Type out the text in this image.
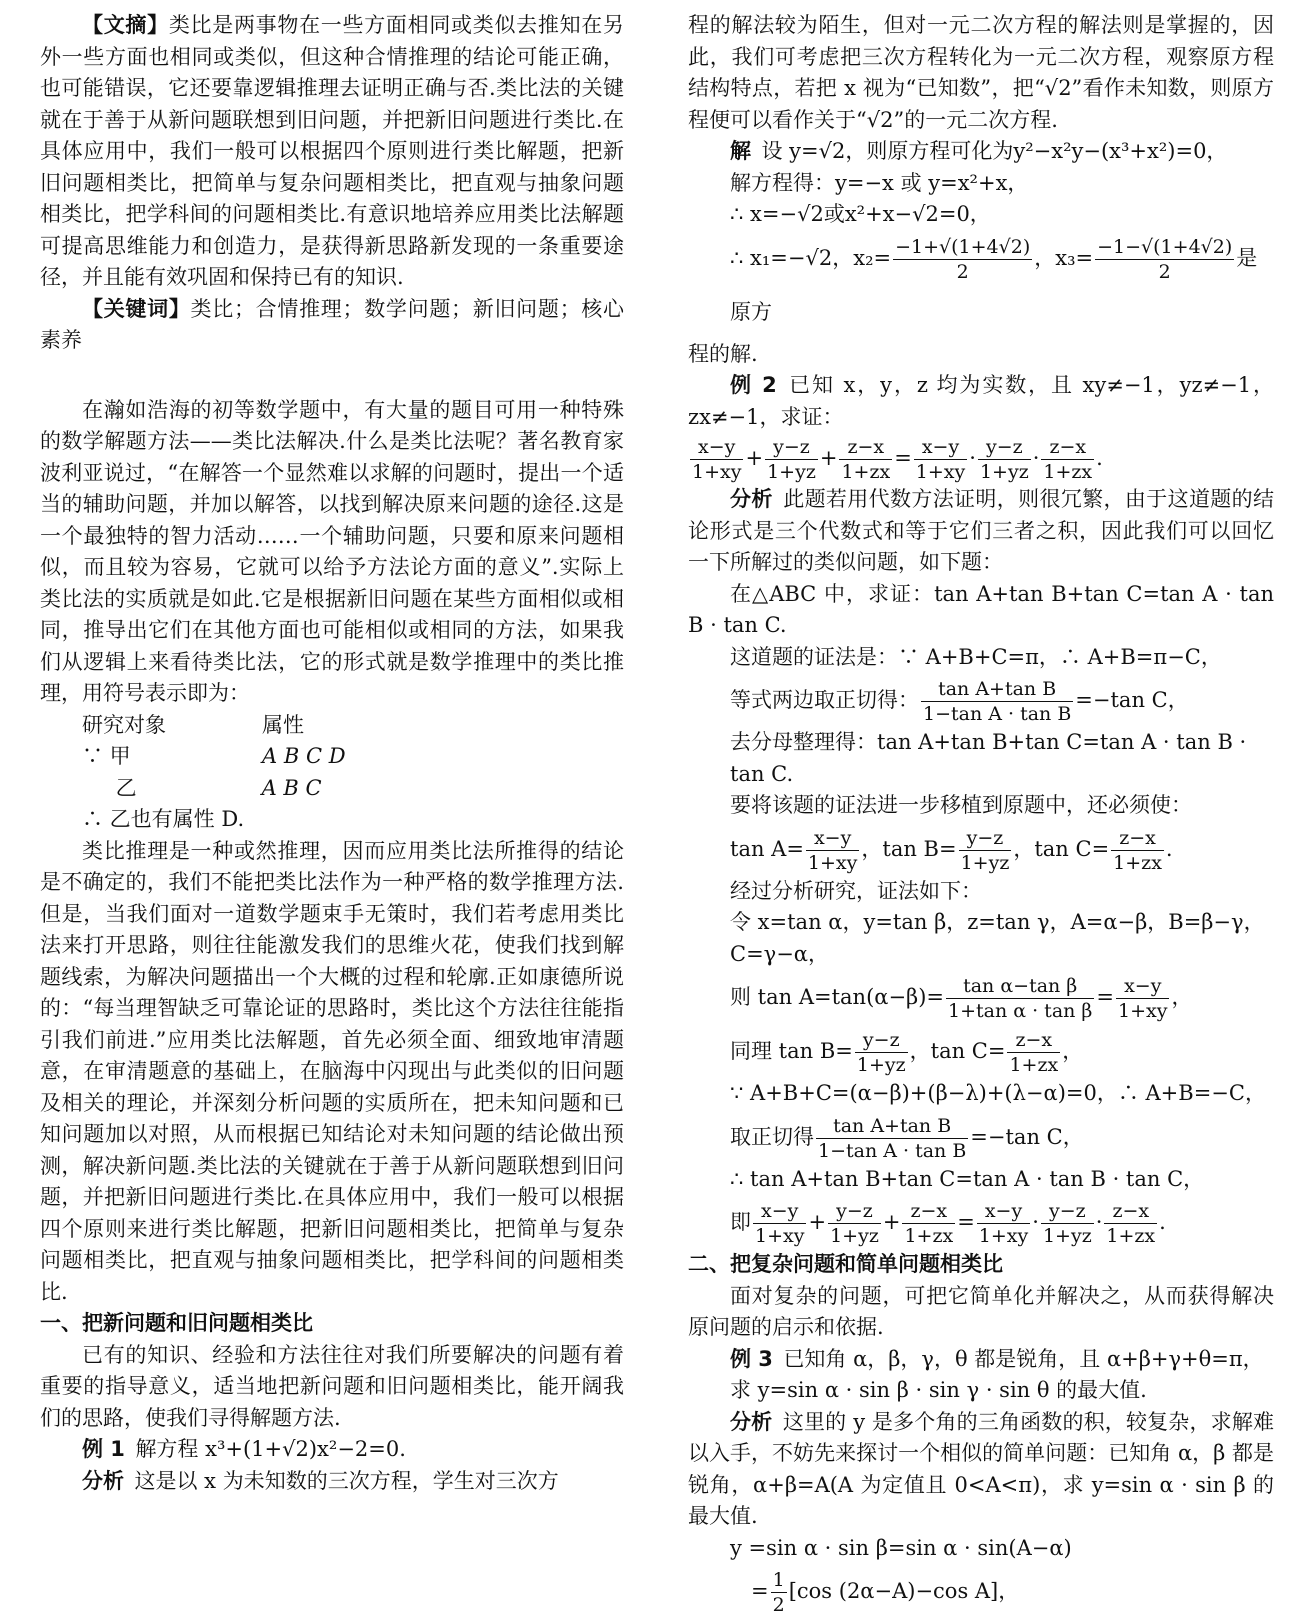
【文摘】类比是两事物在一些方面相同或类似去推知在另外一些方面也相同或类似，但这种合情推理的结论可能正确，也可能错误，它还要靠逻辑推理去证明正确与否.类比法的关键就在于善于从新问题联想到旧问题，并把新旧问题进行类比.在具体应用中，我们一般可以根据四个原则进行类比解题，把新旧问题相类比，把简单与复杂问题相类比，把直观与抽象问题相类比，把学科间的问题相类比.有意识地培养应用类比法解题可提高思维能力和创造力，是获得新思路新发现的一条重要途径，并且能有效巩固和保持已有的知识.

【关键词】类比；合情推理；数学问题；新旧问题；核心素养

在瀚如浩海的初等数学题中，有大量的题目可用一种特殊的数学解题方法——类比法解决.什么是类比法呢？著名教育家波利亚说过，“在解答一个显然难以求解的问题时，提出一个适当的辅助问题，并加以解答，以找到解决原来问题的途径.这是一个最独特的智力活动……一个辅助问题，只要和原来问题相似，而且较为容易，它就可以给予方法论方面的意义”.实际上类比法的实质就是如此.它是根据新旧问题在某些方面相似或相同，推导出它们在其他方面也可能相似或相同的方法，如果我们从逻辑上来看待类比法，它的形式就是数学推理中的类比推理，用符号表示即为：

研究对象	属性
∵ 甲	A B C D
乙	A B C
∴ 乙也有属性 D.

类比推理是一种或然推理，因而应用类比法所推得的结论是不确定的，我们不能把类比法作为一种严格的数学推理方法.但是，当我们面对一道数学题束手无策时，我们若考虑用类比法来打开思路，则往往能激发我们的思维火花，使我们找到解题线索，为解决问题描出一个大概的过程和轮廓.正如康德所说的：“每当理智缺乏可靠论证的思路时，类比这个方法往往能指引我们前进.”应用类比法解题，首先必须全面、细致地审清题意，在审清题意的基础上，在脑海中闪现出与此类似的旧问题及相关的理论，并深刻分析问题的实质所在，把未知问题和已知问题加以对照，从而根据已知结论对未知问题的结论做出预测，解决新问题.类比法的关键就在于善于从新问题联想到旧问题，并把新旧问题进行类比.在具体应用中，我们一般可以根据四个原则来进行类比解题，把新旧问题相类比，把简单与复杂问题相类比，把直观与抽象问题相类比，把学科间的问题相类比.

一、把新问题和旧问题相类比

已有的知识、经验和方法往往对我们所要解决的问题有着重要的指导意义，适当地把新问题和旧问题相类比，能开阔我们的思路，使我们寻得解题方法.

例 1 解方程 x³+(1+√2)x²−2=0.

分析 这是以 x 为未知数的三次方程，学生对三次方

程的解法较为陌生，但对一元二次方程的解法则是掌握的，因此，我们可考虑把三次方程转化为一元二次方程，观察原方程结构特点，若把 x 视为“已知数”，把“√2”看作未知数，则原方程便可以看作关于“√2”的一元二次方程.

解 设 y=√2，则原方程可化为y²−x²y−(x³+x²)=0，

解方程得：y=−x 或 y=x²+x，
∴ x=−√2或x²+x−√2=0，
∴ x₁=−√2，$x_2= \frac{-1+√(1+4√2)}{2}$ ，$x_3= \frac{-1-√(1+4√2)}{2}$ 是原方

程的解.

例 2 已知 x，y，z 均为实数，且 xy≠−1，yz≠−1，zx≠−1，求证：

$\frac{x-y}{1+xy} + \frac{y-z}{1+yz} + \frac{z-x}{1+zx} = \frac{x-y}{1+xy} \cdot \frac{y-z}{1+yz} \cdot \frac{z-x}{1+zx}$ .

分析 此题若用代数方法证明，则很冗繁，由于这道题的结论形式是三个代数式和等于它们三者之积，因此我们可以回忆一下所解过的类似问题，如下题：

在△ABC 中，求证：tan A+tan B+tan C=tan A · tan B · tan C.

这道题的证法是：∵ A+B+C=π，∴ A+B=π−C，
等式两边取正切得： $\frac{\text{tan A+tan B}}{\text{1−tan A · tan B}} =-\tan$ C，
去分母整理得：tan A+tan B+tan C=tan A · tan B · tan C.
要将该题的证法进一步移植到原题中，还必须使：
$\tan A= \frac{x-y}{1+xy}$ ，$\tan B= \frac{y-z}{1+yz}$ ，$\tan C= \frac{z-x}{1+zx}$ .
经过分析研究，证法如下：
令 x=tan α，y=tan β，z=tan γ，A=α−β，B=β−γ，C=γ−α，
则 $\tan A=\tan(\alpha-\beta)= \frac{\text{tan α−tan β}}{\text{1+tan α · tan β}} = \frac{x-y}{1+xy}$ ，
同理 $\tan B= \frac{y-z}{1+yz}$ ，$\tan C= \frac{z-x}{1+zx}$ ，
∵ A+B+C=(α−β)+(β−λ)+(λ−α)=0，∴ A+B=−C，
取正切得 $\frac{\text{tan A+tan B}}{\text{1−tan A · tan B}} =-\tan$ C，
∴ tan A+tan B+tan C=tan A · tan B · tan C，
即 $\frac{x-y}{1+xy} + \frac{y-z}{1+yz} + \frac{z-x}{1+zx} = \frac{x-y}{1+xy} \cdot \frac{y-z}{1+yz} \cdot \frac{z-x}{1+zx}$ .

二、把复杂问题和简单问题相类比

面对复杂的问题，可把它简单化并解决之，从而获得解决原问题的启示和依据.

例 3 已知角 α，β，γ，θ 都是锐角，且 α+β+γ+θ=π，

求 y=sin α · sin β · sin γ · sin θ 的最大值.

分析 这里的 y 是多个角的三角函数的积，较复杂，求解难以入手，不妨先来探讨一个相似的简单问题：已知角 α，β 都是锐角，α+β=A(A 为定值且 0<A<π)，求 y=sin α · sin β 的最大值.

y =sin α · sin β=sin α · sin(A−α)
= $\frac{1}{2} [\cos$ (2α−A)−cos A]，
